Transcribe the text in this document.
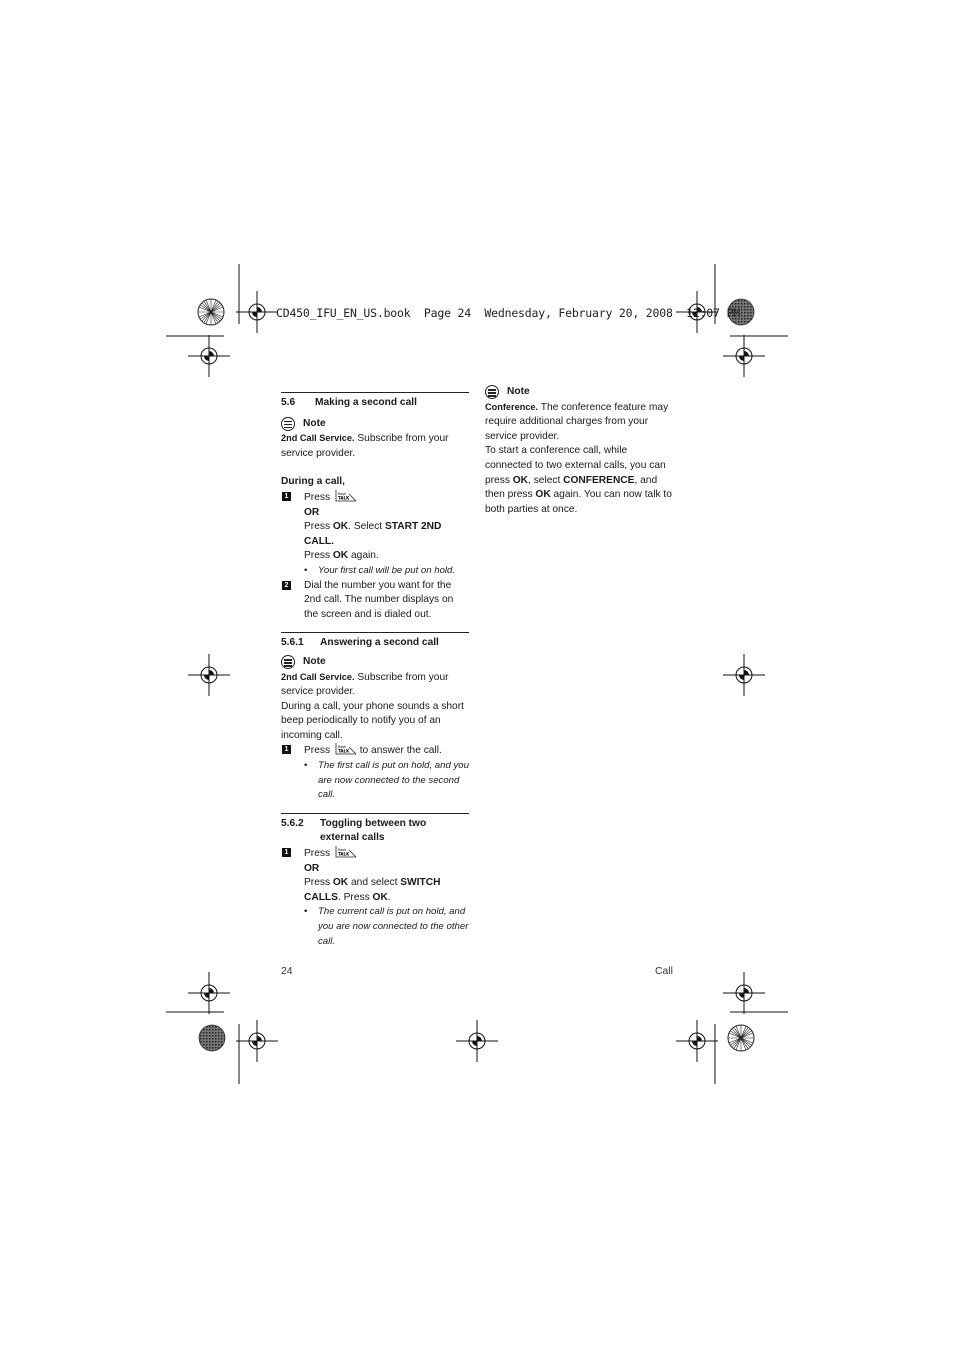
CD450_IFU_EN_US.book  Page 24  Wednesday, February 20, 2008  12:07 PM
5.6 Making a second call
Note
2nd Call Service. Subscribe from your service provider.
During a call,
1 Press flash
TALK
OR
Press OK. Select START 2ND CALL.
Press OK again.
• Your first call will be put on hold.
2 Dial the number you want for the 2nd call. The number displays on the screen and is dialed out.
5.6.1 Answering a second call
Note
2nd Call Service. Subscribe from your service provider.
During a call, your phone sounds a short beep periodically to notify you of an incoming call.
1 Press flash
TALK to answer the call.
• The first call is put on hold, and you are now connected to the second call.
5.6.2 Toggling between two
external calls
1 Press flash
TALK
OR
Press OK and select SWITCH CALLS. Press OK.
• The current call is put on hold, and you are now connected to the other call.
Note
Conference. The conference feature may require additional charges from your service provider.
To start a conference call, while connected to two external calls, you can press OK, select CONFERENCE, and then press OK again. You can now talk to both parties at once.
24	Call
